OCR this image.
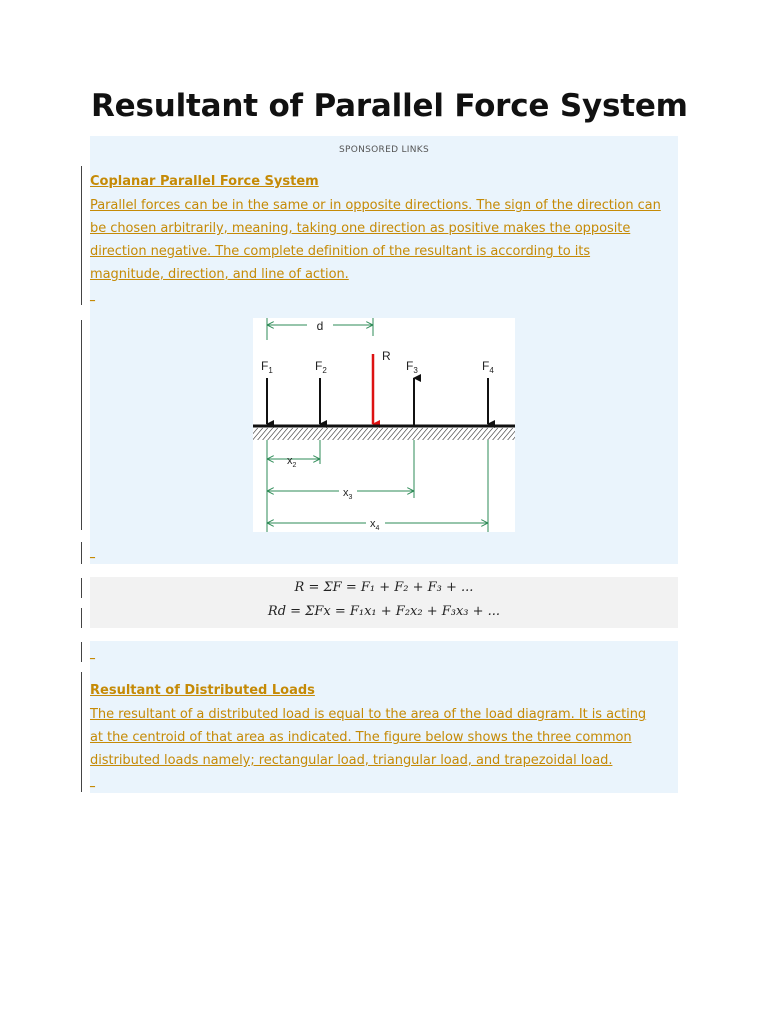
Resultant of Parallel Force System
SPONSORED LINKS
Coplanar Parallel Force System
Parallel forces can be in the same or in opposite directions. The sign of the direction can
be chosen arbitrarily, meaning, taking one direction as positive makes the opposite
direction negative. The complete definition of the resultant is according to its
magnitude, direction, and line of action.
_
d
$F_1$	$F_2$
R
$F_3$	$F_4$
$x_2$
$x_3$
$x_4$
_
R = ΣF = F₁ + F₂ + F₃ + ...
Rd = ΣFx = F₁x₁ + F₂x₂ + F₃x₃ + ...
_
Resultant of Distributed Loads
The resultant of a distributed load is equal to the area of the load diagram. It is acting
at the centroid of that area as indicated. The figure below shows the three common
distributed loads namely; rectangular load, triangular load, and trapezoidal load.
_
